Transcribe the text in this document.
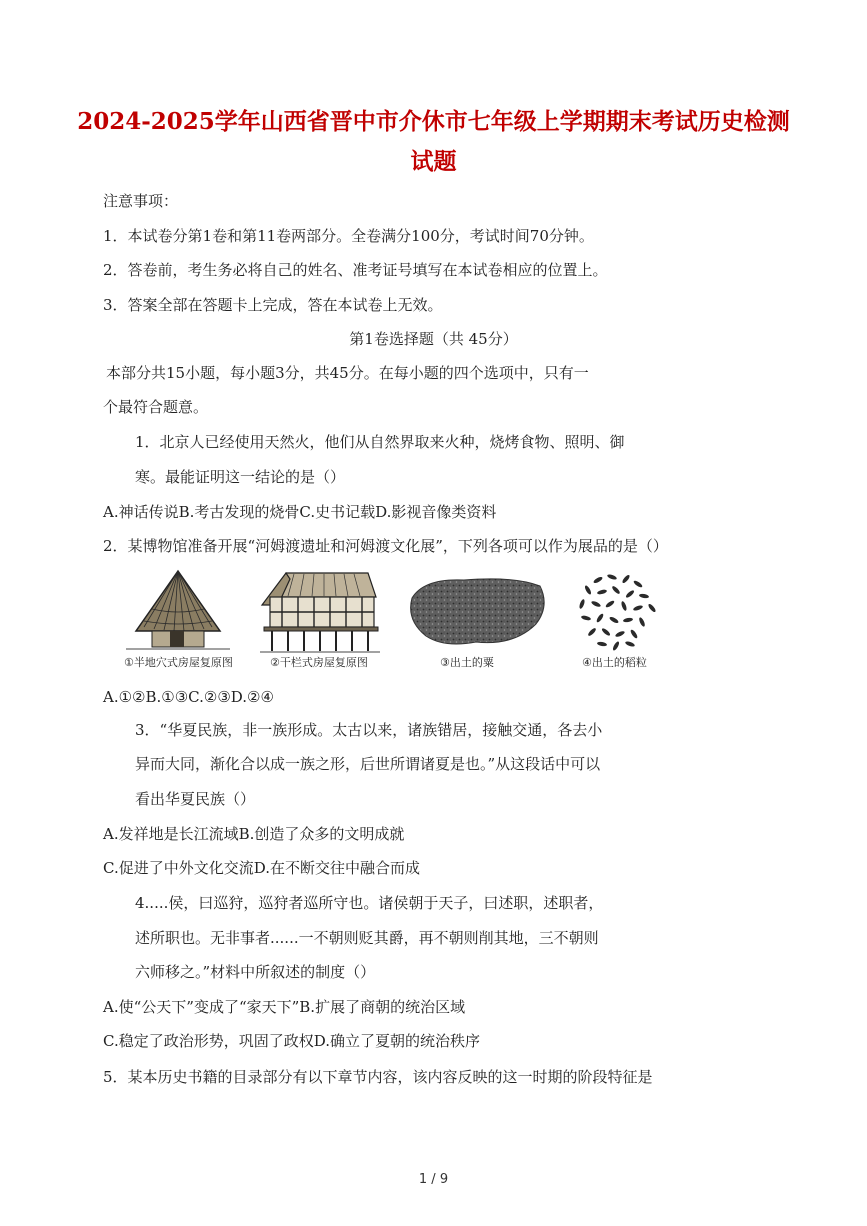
2024-2025学年山西省晋中市介休市七年级上学期期末考试历史检测
试题
注意事项：
1．本试卷分第1卷和第11卷两部分。全卷满分100分，考试时间70分钟。
2．答卷前，考生务必将自己的姓名、准考证号填写在本试卷相应的位置上。
3．答案全部在答题卡上完成，答在本试卷上无效。
第1卷选择题（共 45分）
本部分共15小题，每小题3分，共45分。在每小题的四个选项中，只有一
个最符合题意。
1．北京人已经使用天然火，他们从自然界取来火种，烧烤食物、照明、御
寒。最能证明这一结论的是（）
A.神话传说B.考古发现的烧骨C.史书记载D.影视音像类资料
2．某博物馆准备开展“河姆渡遗址和河姆渡文化展”，下列各项可以作为展品的是（）
①半地穴式房屋复原图	②干栏式房屋复原图	③出土的粟	④出土的稻粒
A.①②B.①③C.②③D.②④
3．“华夏民族，非一族形成。太古以来，诸族错居，接触交通，各去小
异而大同，渐化合以成一族之形，后世所谓诸夏是也。”从这段话中可以
看出华夏民族（）
A.发祥地是长江流域B.创造了众多的文明成就
C.促进了中外文化交流D.在不断交往中融合而成
4.....侯，曰巡狩，巡狩者巡所守也。诸侯朝于天子，曰述职，述职者，
述所职也。无非事者......一不朝则贬其爵，再不朝则削其地，三不朝则
六师移之。”材料中所叙述的制度（）
A.使“公天下”变成了“家天下”B.扩展了商朝的统治区域
C.稳定了政治形势，巩固了政权D.确立了夏朝的统治秩序
5．某本历史书籍的目录部分有以下章节内容，该内容反映的这一时期的阶段特征是
1 / 9
